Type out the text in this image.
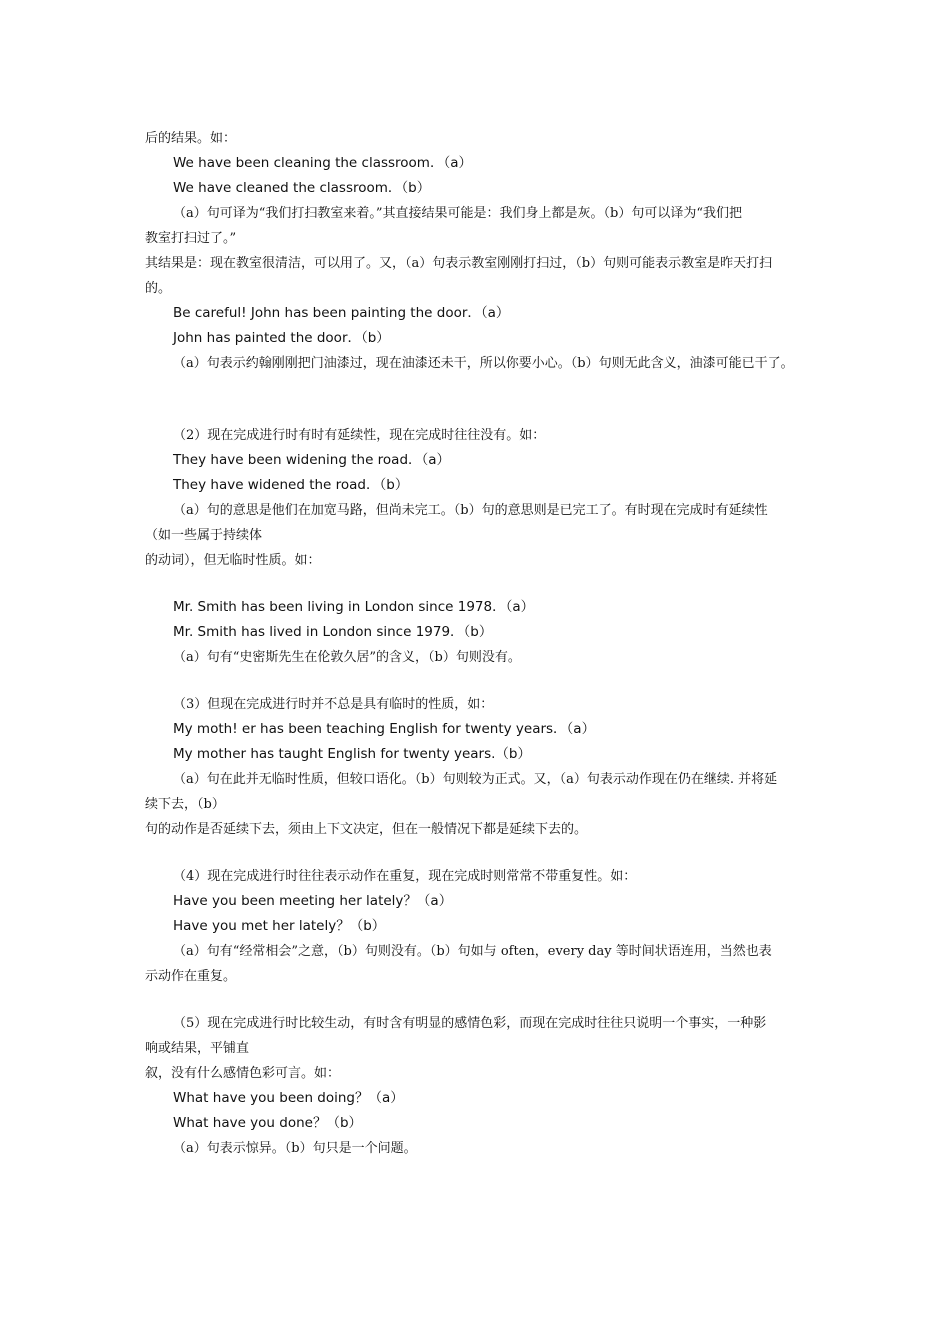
后的结果。如：
We have been cleaning the classroom．（a）
We have cleaned the classroom．（b）
（a）句可译为“我们打扫教室来着。”其直接结果可能是：我们身上都是灰。（b）句可以译为“我们把
教室打扫过了。”
其结果是：现在教室很清洁，可以用了。又，（a）句表示教室刚刚打扫过，（b）句则可能表示教室是昨天打扫
的。
Be careful! John has been painting the door．（a）
John has painted the door．（b）
（a）句表示约翰刚刚把门油漆过，现在油漆还未干，所以你要小心。（b）句则无此含义，油漆可能已干了。
（2）现在完成进行时有时有延续性，现在完成时往往没有。如：
They have been widening the road．（a）
They have widened the road．（b）
（a）句的意思是他们在加宽马路，但尚未完工。（b）句的意思则是已完工了。有时现在完成时有延续性
（如一些属于持续体
的动词），但无临时性质。如：
Mr. Smith has been living in London since 1978．（a）
Mr. Smith has lived in London since 1979．（b）
（a）句有“史密斯先生在伦敦久居”的含义，（b）句则没有。
（3）但现在完成进行时并不总是具有临时的性质，如：
My moth! er has been teaching English for twenty years．（a）
My mother has taught English for twenty years.（b）
（a）句在此并无临时性质，但较口语化。（b）句则较为正式。又，（a）句表示动作现在仍在继续. 并将延
续下去，（b）
句的动作是否延续下去，须由上下文决定，但在一般情况下都是延续下去的。
（4）现在完成进行时往往表示动作在重复，现在完成时则常常不带重复性。如：
Have you been meeting her lately？（a）
Have you met her lately？（b）
（a）句有“经常相会”之意，（b）句则没有。（b）句如与 often，every day 等时间状语连用，当然也表
示动作在重复。
（5）现在完成进行时比较生动，有时含有明显的感情色彩，而现在完成时往往只说明一个事实，一种影
响或结果，平铺直
叙，没有什么感情色彩可言。如：
What have you been doing？（a）
What have you done？（b）
（a）句表示惊异。（b）句只是一个问题。
